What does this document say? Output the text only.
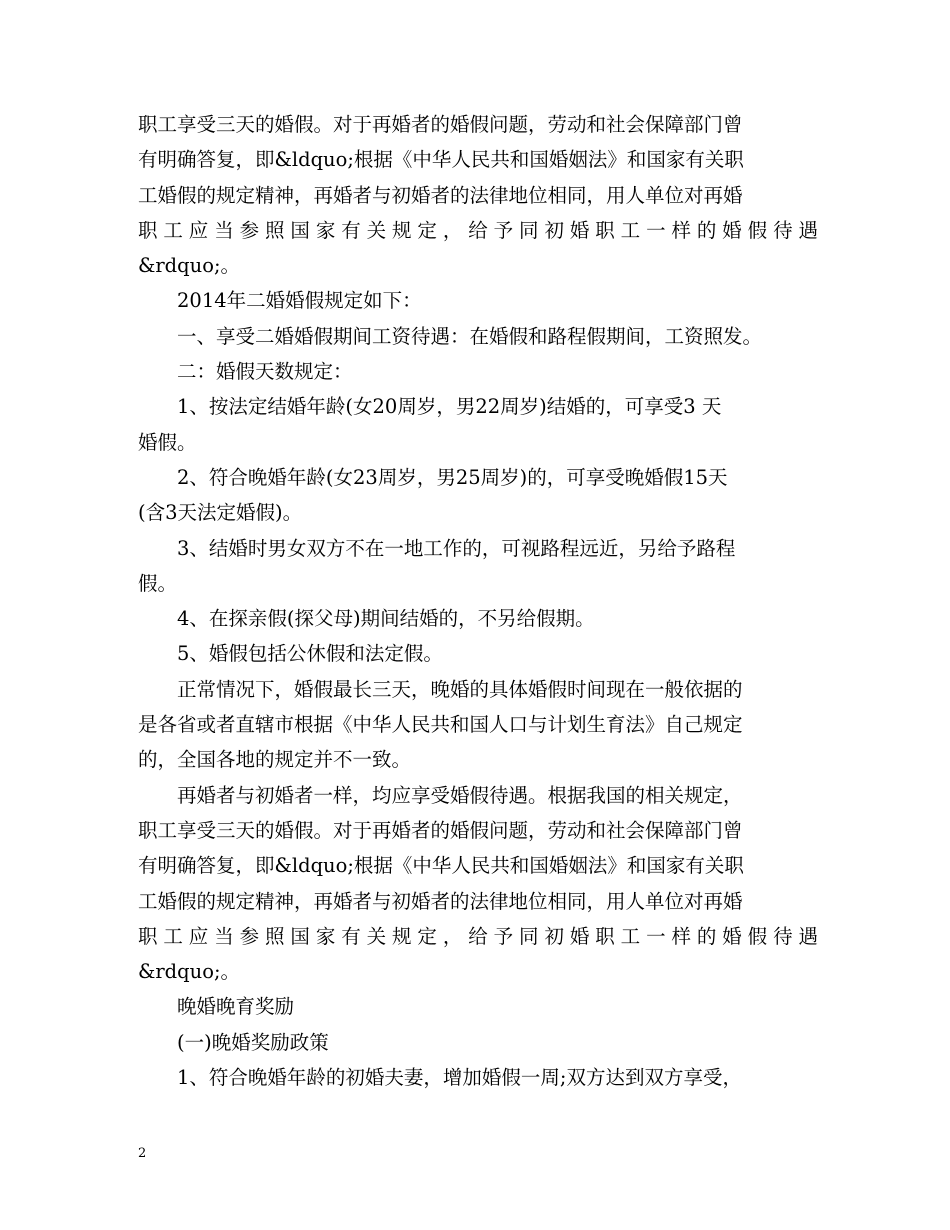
职工享受三天的婚假。对于再婚者的婚假问题，劳动和社会保障部门曾
有明确答复，即&ldquo;根据《中华人民共和国婚姻法》和国家有关职
工婚假的规定精神，再婚者与初婚者的法律地位相同，用人单位对再婚
职工应当参照国家有关规定，给予同初婚职工一样的婚假待遇
&rdquo;。
2014年二婚婚假规定如下：
一、享受二婚婚假期间工资待遇：在婚假和路程假期间，工资照发。
二：婚假天数规定：
1、按法定结婚年龄(女20周岁，男22周岁)结婚的，可享受3 天
婚假。
2、符合晚婚年龄(女23周岁，男25周岁)的，可享受晚婚假15天
(含3天法定婚假)。
3、结婚时男女双方不在一地工作的，可视路程远近，另给予路程
假。
4、在探亲假(探父母)期间结婚的，不另给假期。
5、婚假包括公休假和法定假。
正常情况下，婚假最长三天，晚婚的具体婚假时间现在一般依据的
是各省或者直辖市根据《中华人民共和国人口与计划生育法》自己规定
的，全国各地的规定并不一致。
再婚者与初婚者一样，均应享受婚假待遇。根据我国的相关规定，
职工享受三天的婚假。对于再婚者的婚假问题，劳动和社会保障部门曾
有明确答复，即&ldquo;根据《中华人民共和国婚姻法》和国家有关职
工婚假的规定精神，再婚者与初婚者的法律地位相同，用人单位对再婚
职工应当参照国家有关规定，给予同初婚职工一样的婚假待遇
&rdquo;。
晚婚晚育奖励
(一)晚婚奖励政策
1、符合晚婚年龄的初婚夫妻，增加婚假一周;双方达到双方享受，
2
